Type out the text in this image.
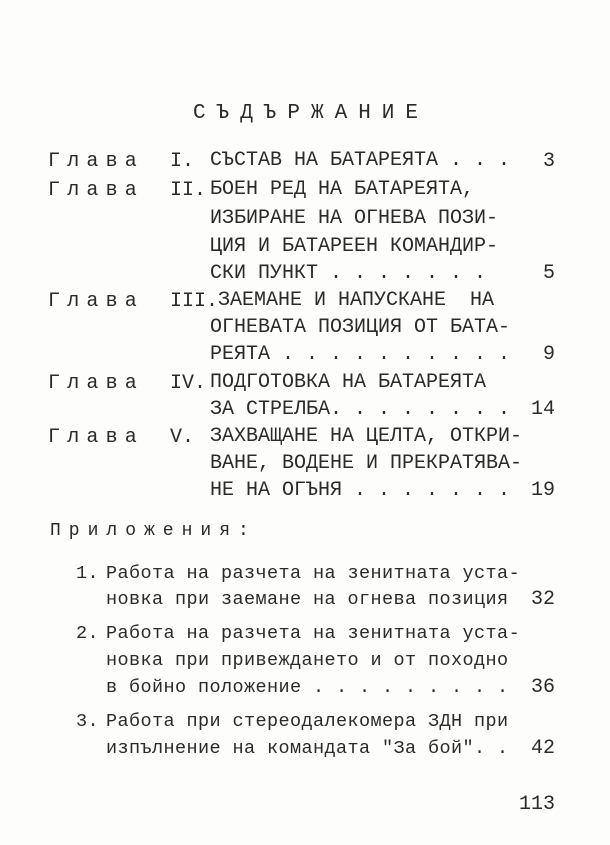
СЪДЪРЖАНИЕ
Глава I. СЪСТАВ НА БАТАРЕЯТА . . .	3
Глава II. БОЕН РЕД НА БАТАРЕЯТА,
ИЗБИРАНЕ НА ОГНЕВА ПОЗИ-
ЦИЯ И БАТАРЕЕН КОМАНДИР-
СКИ ПУНКТ . . . . . . .	5
Глава III. ЗАЕМАНЕ И НАПУСКАНЕ  НА
ОГНЕВАТА ПОЗИЦИЯ ОТ БАТА-
РЕЯТА . . . . . . . . . .	9
Глава IV. ПОДГОТОВКА НА БАТАРЕЯТА
ЗА СТРЕЛБА. . . . . . . .	14
Глава V. ЗАХВАЩАНЕ НА ЦЕЛТА, ОТКРИ-
ВАНЕ, ВОДЕНЕ И ПРЕКРАТЯВА-
НЕ НА ОГЪНЯ . . . . . . .	19
Приложения:
1. Работа на разчета на зенитната уста-
новка при заемане на огнева позиция	32
2. Работа на разчета на зенитната уста-
новка при привеждането и от походно
в бойно положение . . . . . . . . .	36
3. Работа при стереодалекомера ЗДН при
изпълнение на командата "За бой". .	42
113
